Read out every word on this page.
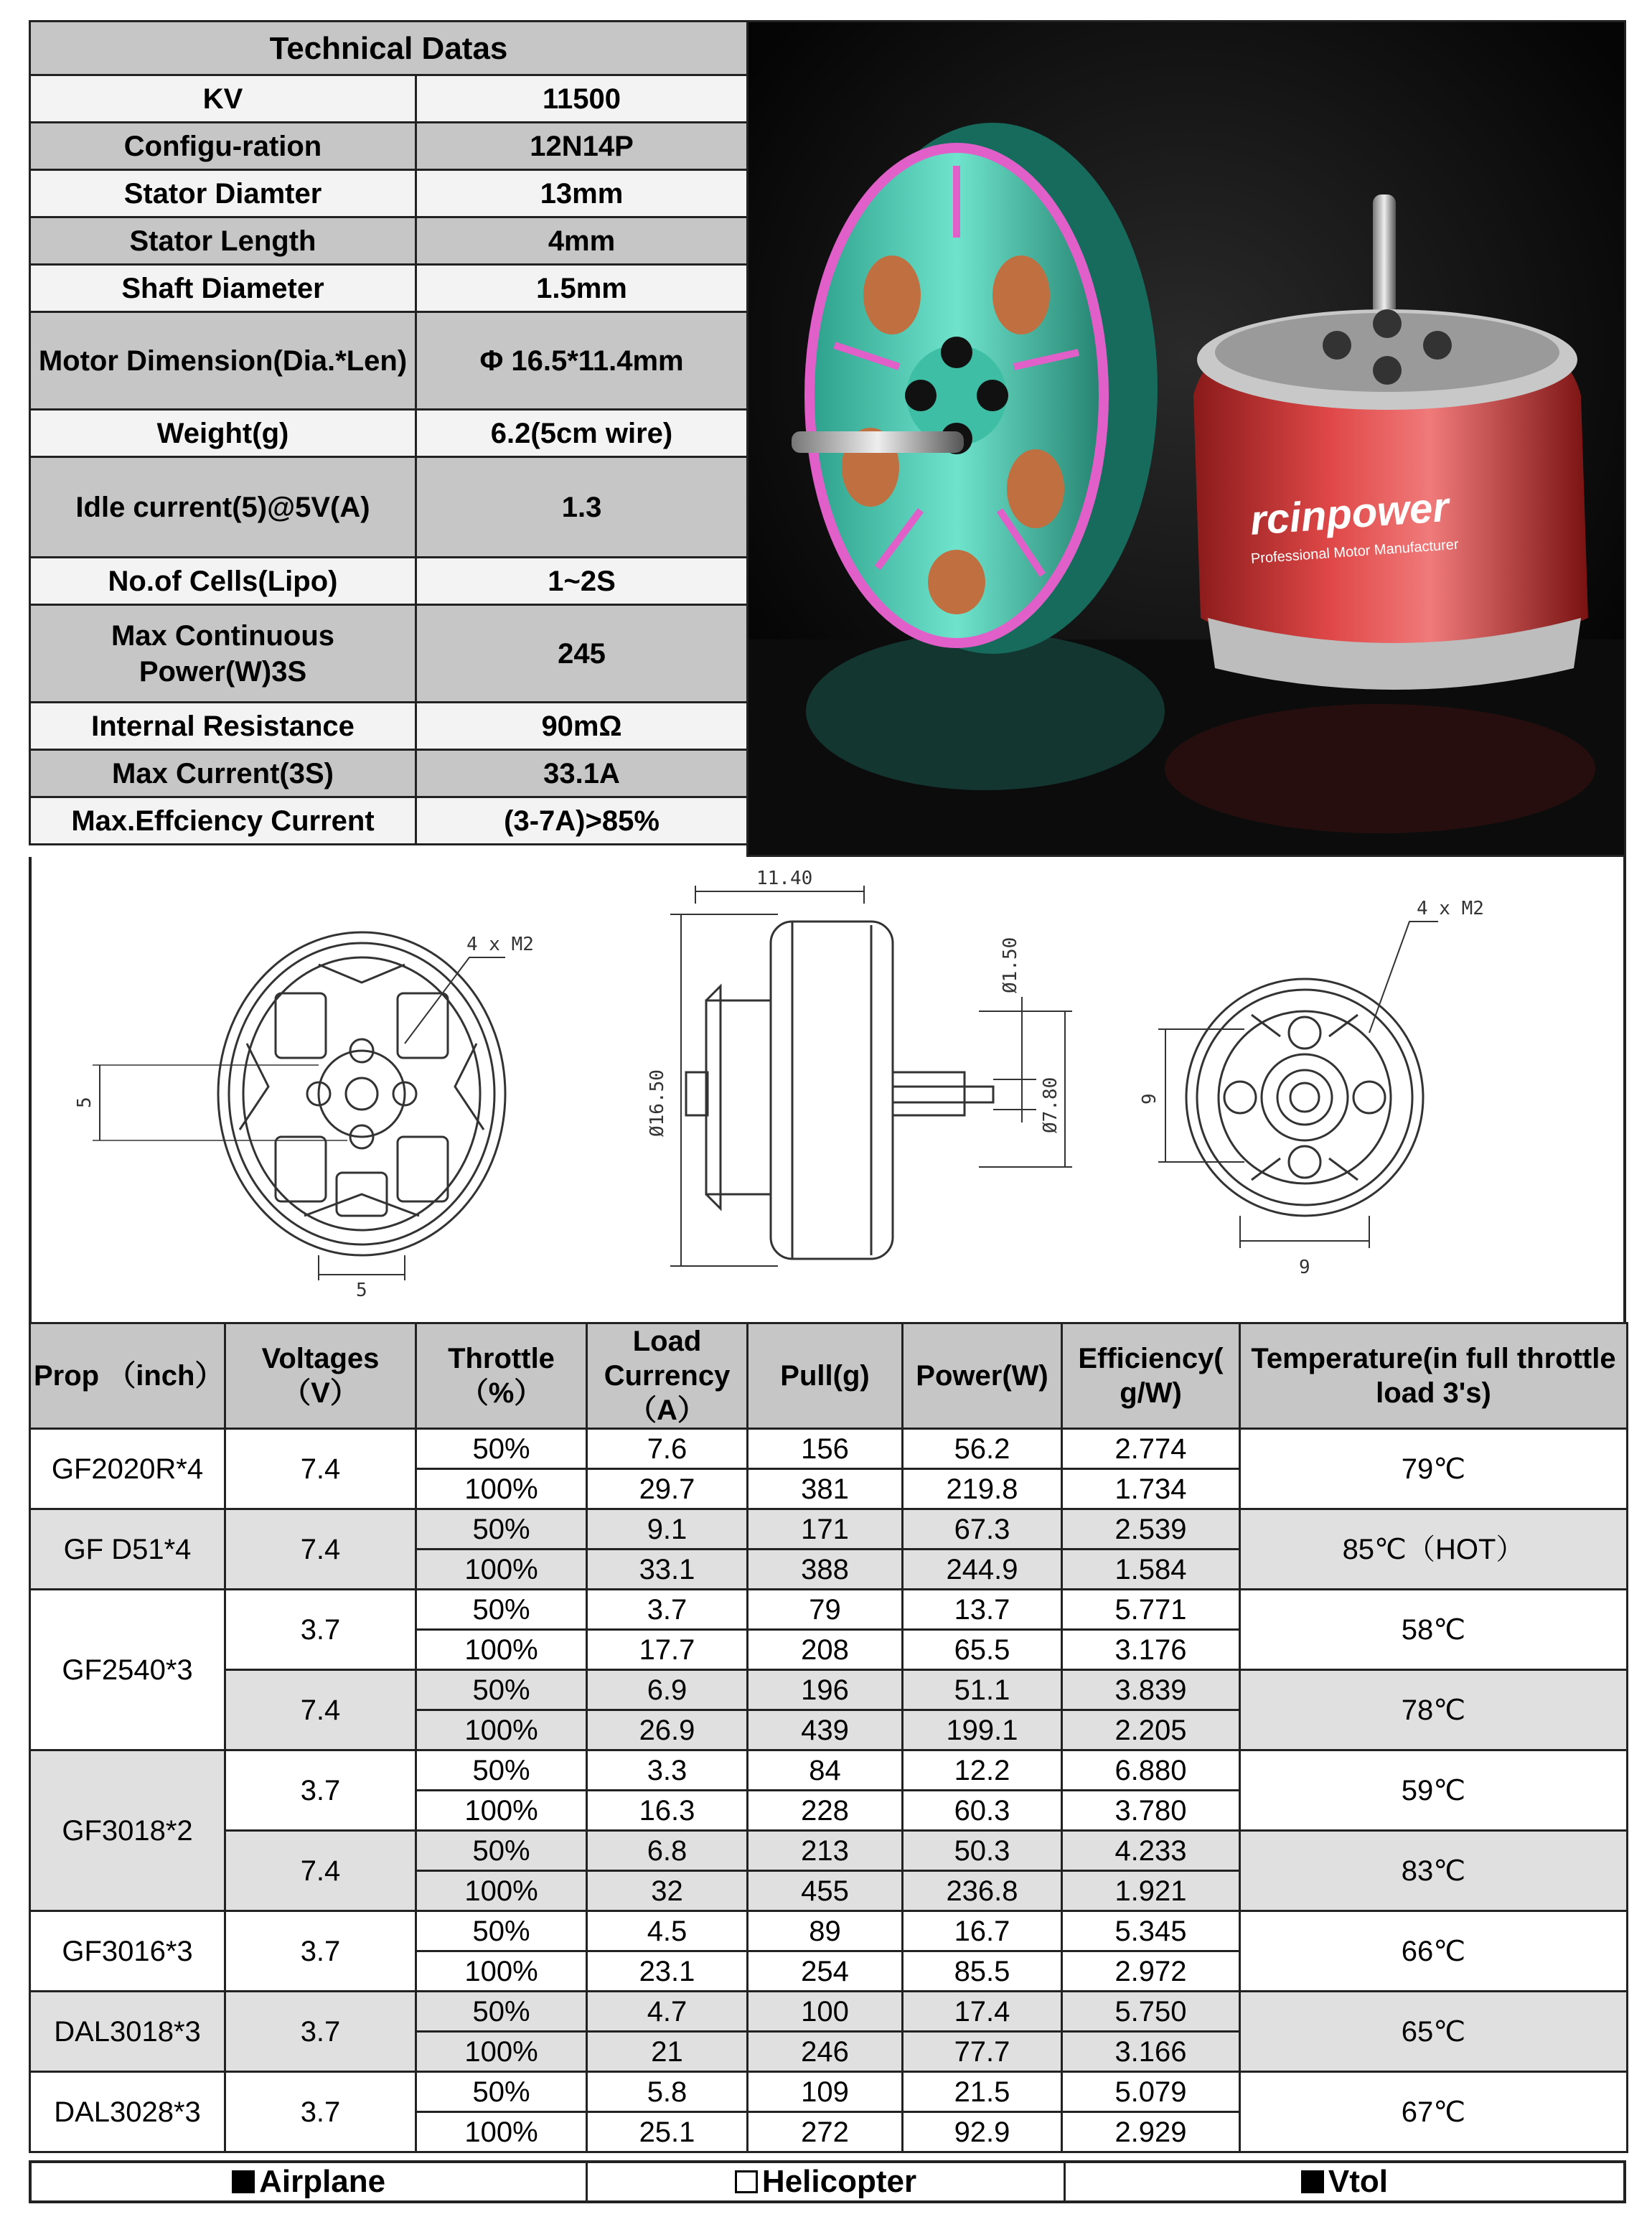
Technical Datas	
KV	11500
Configu-ration	12N14P
Stator Diamter	13mm
Stator Length	4mm
Shaft Diameter	1.5mm
Motor Dimension(Dia.*Len)	Φ 16.5*11.4mm
Weight(g)	6.2(5cm wire)
Idle current(5)@5V(A)	1.3
No.of Cells(Lipo)	1~2S
Max Continuous Power(W)3S	245
Internal Resistance	90mΩ
Max Current(3S)	33.1A
Max.Effciency Current	(3-7A)>85%
rcinpower
Professional Motor Manufacturer
4 x M2
5
5
11.40
Ø1.50
Ø16.50	Ø7.80
4 x M2
9
9
Prop （inch）	Voltages （V）	Throttle （%）	Load Currency （A）	Pull(g)	Power(W)	Efficiency( g/W)	Temperature(in full throttle load 3's)
GF2020R*4	7.4	50%	7.6	156	56.2	2.774	79℃
		100%	29.7	381	219.8	1.734	
GF D51*4	7.4	50%	9.1	171	67.3	2.539	85℃（HOT）
		100%	33.1	388	244.9	1.584	
GF2540*3	3.7	50%	3.7	79	13.7	5.771	58℃
		100%	17.7	208	65.5	3.176	
	7.4	50%	6.9	196	51.1	3.839	78℃
		100%	26.9	439	199.1	2.205	
GF3018*2	3.7	50%	3.3	84	12.2	6.880	59℃
		100%	16.3	228	60.3	3.780	
	7.4	50%	6.8	213	50.3	4.233	83℃
		100%	32	455	236.8	1.921	
GF3016*3	3.7	50%	4.5	89	16.7	5.345	66℃
		100%	23.1	254	85.5	2.972	
DAL3018*3	3.7	50%	4.7	100	17.4	5.750	65℃
		100%	21	246	77.7	3.166	
DAL3028*3	3.7	50%	5.8	109	21.5	5.079	67℃
		100%	25.1	272	92.9	2.929	
Airplane	Helicopter	Vtol
